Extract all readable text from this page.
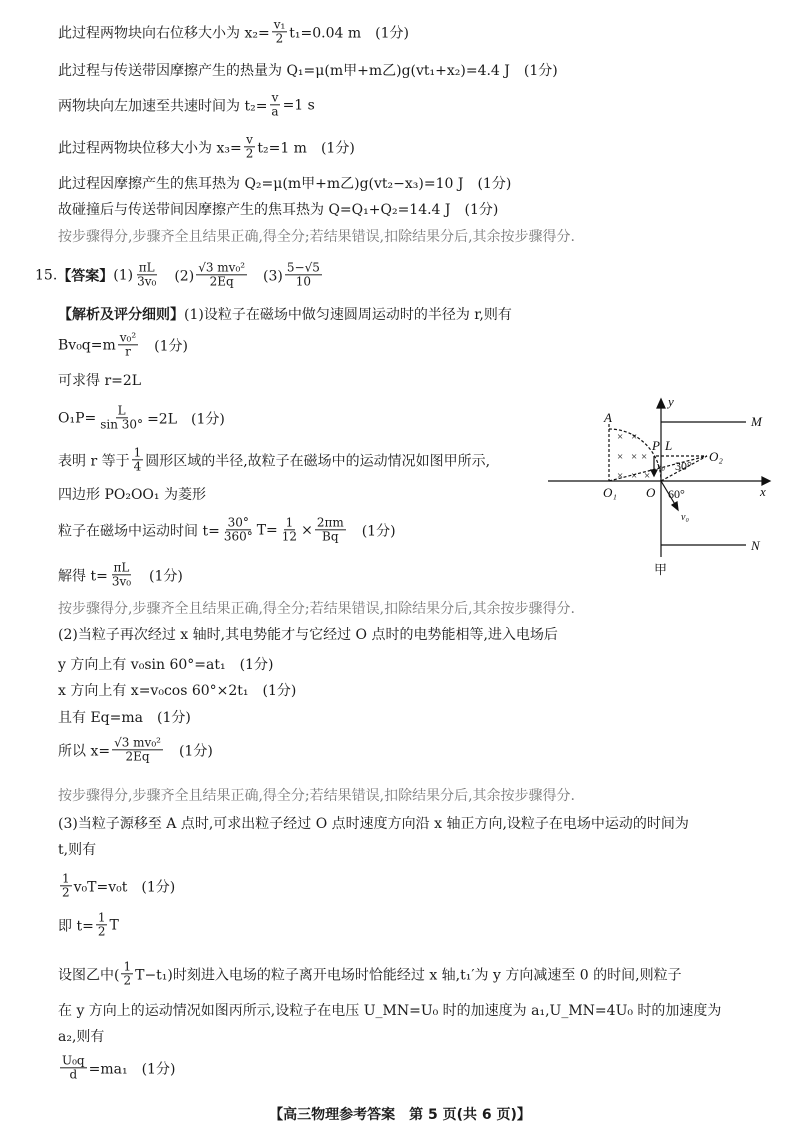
此过程两物块向右位移大小为 $x_2= \frac{\text{v₁}}{2} t_1=0.04$ m　(1分)
此过程与传送带因摩擦产生的热量为 Q₁=μ(m甲+m乙)g(vt₁+x₂)=4.4 J　(1分)
两物块向左加速至共速时间为 $t_2= \frac{v}{a} =1$ s
此过程两物块位移大小为 $x_3= \frac{v}{2} t_2=1$ m　(1分)
此过程因摩擦产生的焦耳热为 Q₂=μ(m甲+m乙)g(vt₂−x₃)=10 J　(1分)
故碰撞后与传送带间因摩擦产生的焦耳热为 Q=Q₁+Q₂=14.4 J　(1分)
按步骤得分,步骤齐全且结果正确,得全分;若结果错误,扣除结果分后,其余按步骤得分.
15. 【答案】 $(1) \frac{\pi L}{\text{3v₀}}$ 　$(2) \frac{\text{√3 mv₀²}}{2Eq}$ 　$(3) \frac{5-√5}{10}$
【解析及评分细则】 (1)设粒子在磁场中做匀速圆周运动时的半径为 r,则有
$Bv_0q=m \frac{\text{v₀²}}{r}$ 　(1分)
可求得 r=2L
$O_1P= \frac{L}{\sin 30^\circ} =2L$　(1分)
表明 r 等于 $\frac{1}{4}$ 圆形区域的半径,故粒子在磁场中的运动情况如图甲所示,
四边形 PO₂OO₁ 为菱形
粒子在磁场中运动时间 $t= \frac{30^\circ}{360^\circ} T= \frac{1}{12} \times \frac{2\pi m}{Bq}$ 　(1分)
解得 $t= \frac{\pi L}{\text{3v₀}}$ 　(1分)
按步骤得分,步骤齐全且结果正确,得全分;若结果错误,扣除结果分后,其余按步骤得分.
(2)当粒子再次经过 x 轴时,其电势能才与它经过 O 点时的电势能相等,进入电场后
y 方向上有 v₀sin 60°=at₁　(1分)
x 方向上有 x=v₀cos 60°×2t₁　(1分)
且有 Eq=ma　(1分)
所以 $x= \frac{\text{√3 mv₀²}}{2Eq}$ 　(1分)
按步骤得分,步骤齐全且结果正确,得全分;若结果错误,扣除结果分后,其余按步骤得分.
(3)当粒子源移至 A 点时,可求出粒子经过 O 点时速度方向沿 x 轴正方向,设粒子在电场中运动的时间为
t,则有
$\frac{1}{2} v_0T=v_0t$　(1分)
即 $t= \frac{1}{2}$ T
设图乙中( $\frac{1}{2} T-t_1$)时刻进入电场的粒子离开电场时恰能经过 x 轴,t₁′为 y 方向减速至 0 的时间,则粒子
在 y 方向上的运动情况如图丙所示,设粒子在电压 U_MN=U₀ 时的加速度为 a₁,U_MN=4U₀ 时的加速度为
a₂,则有
$\frac{\text{U₀q}}{d} =ma_1$　(1分)
× ×
× × ×
× × ×
A
y
M
P L
O₂
30°
O₁ O 60°	x
v₀
v₀
N
甲
【高三物理参考答案　第 5 页(共 6 页)】
